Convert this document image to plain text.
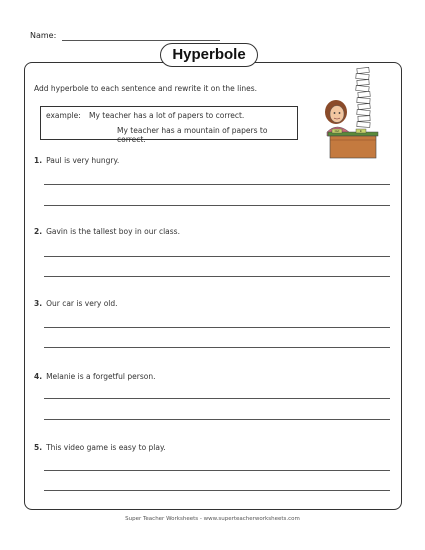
Name:
Hyperbole
Add hyperbole to each sentence and rewrite it on the lines.
example: My teacher has a lot of papers to correct.
My teacher has a mountain of papers to correct.
Out	In
1. Paul is very hungry.
2. Gavin is the tallest boy in our class.
3. Our car is very old.
4. Melanie is a forgetful person.
5. This video game is easy to play.
Super Teacher Worksheets - www.superteacherworksheets.com
